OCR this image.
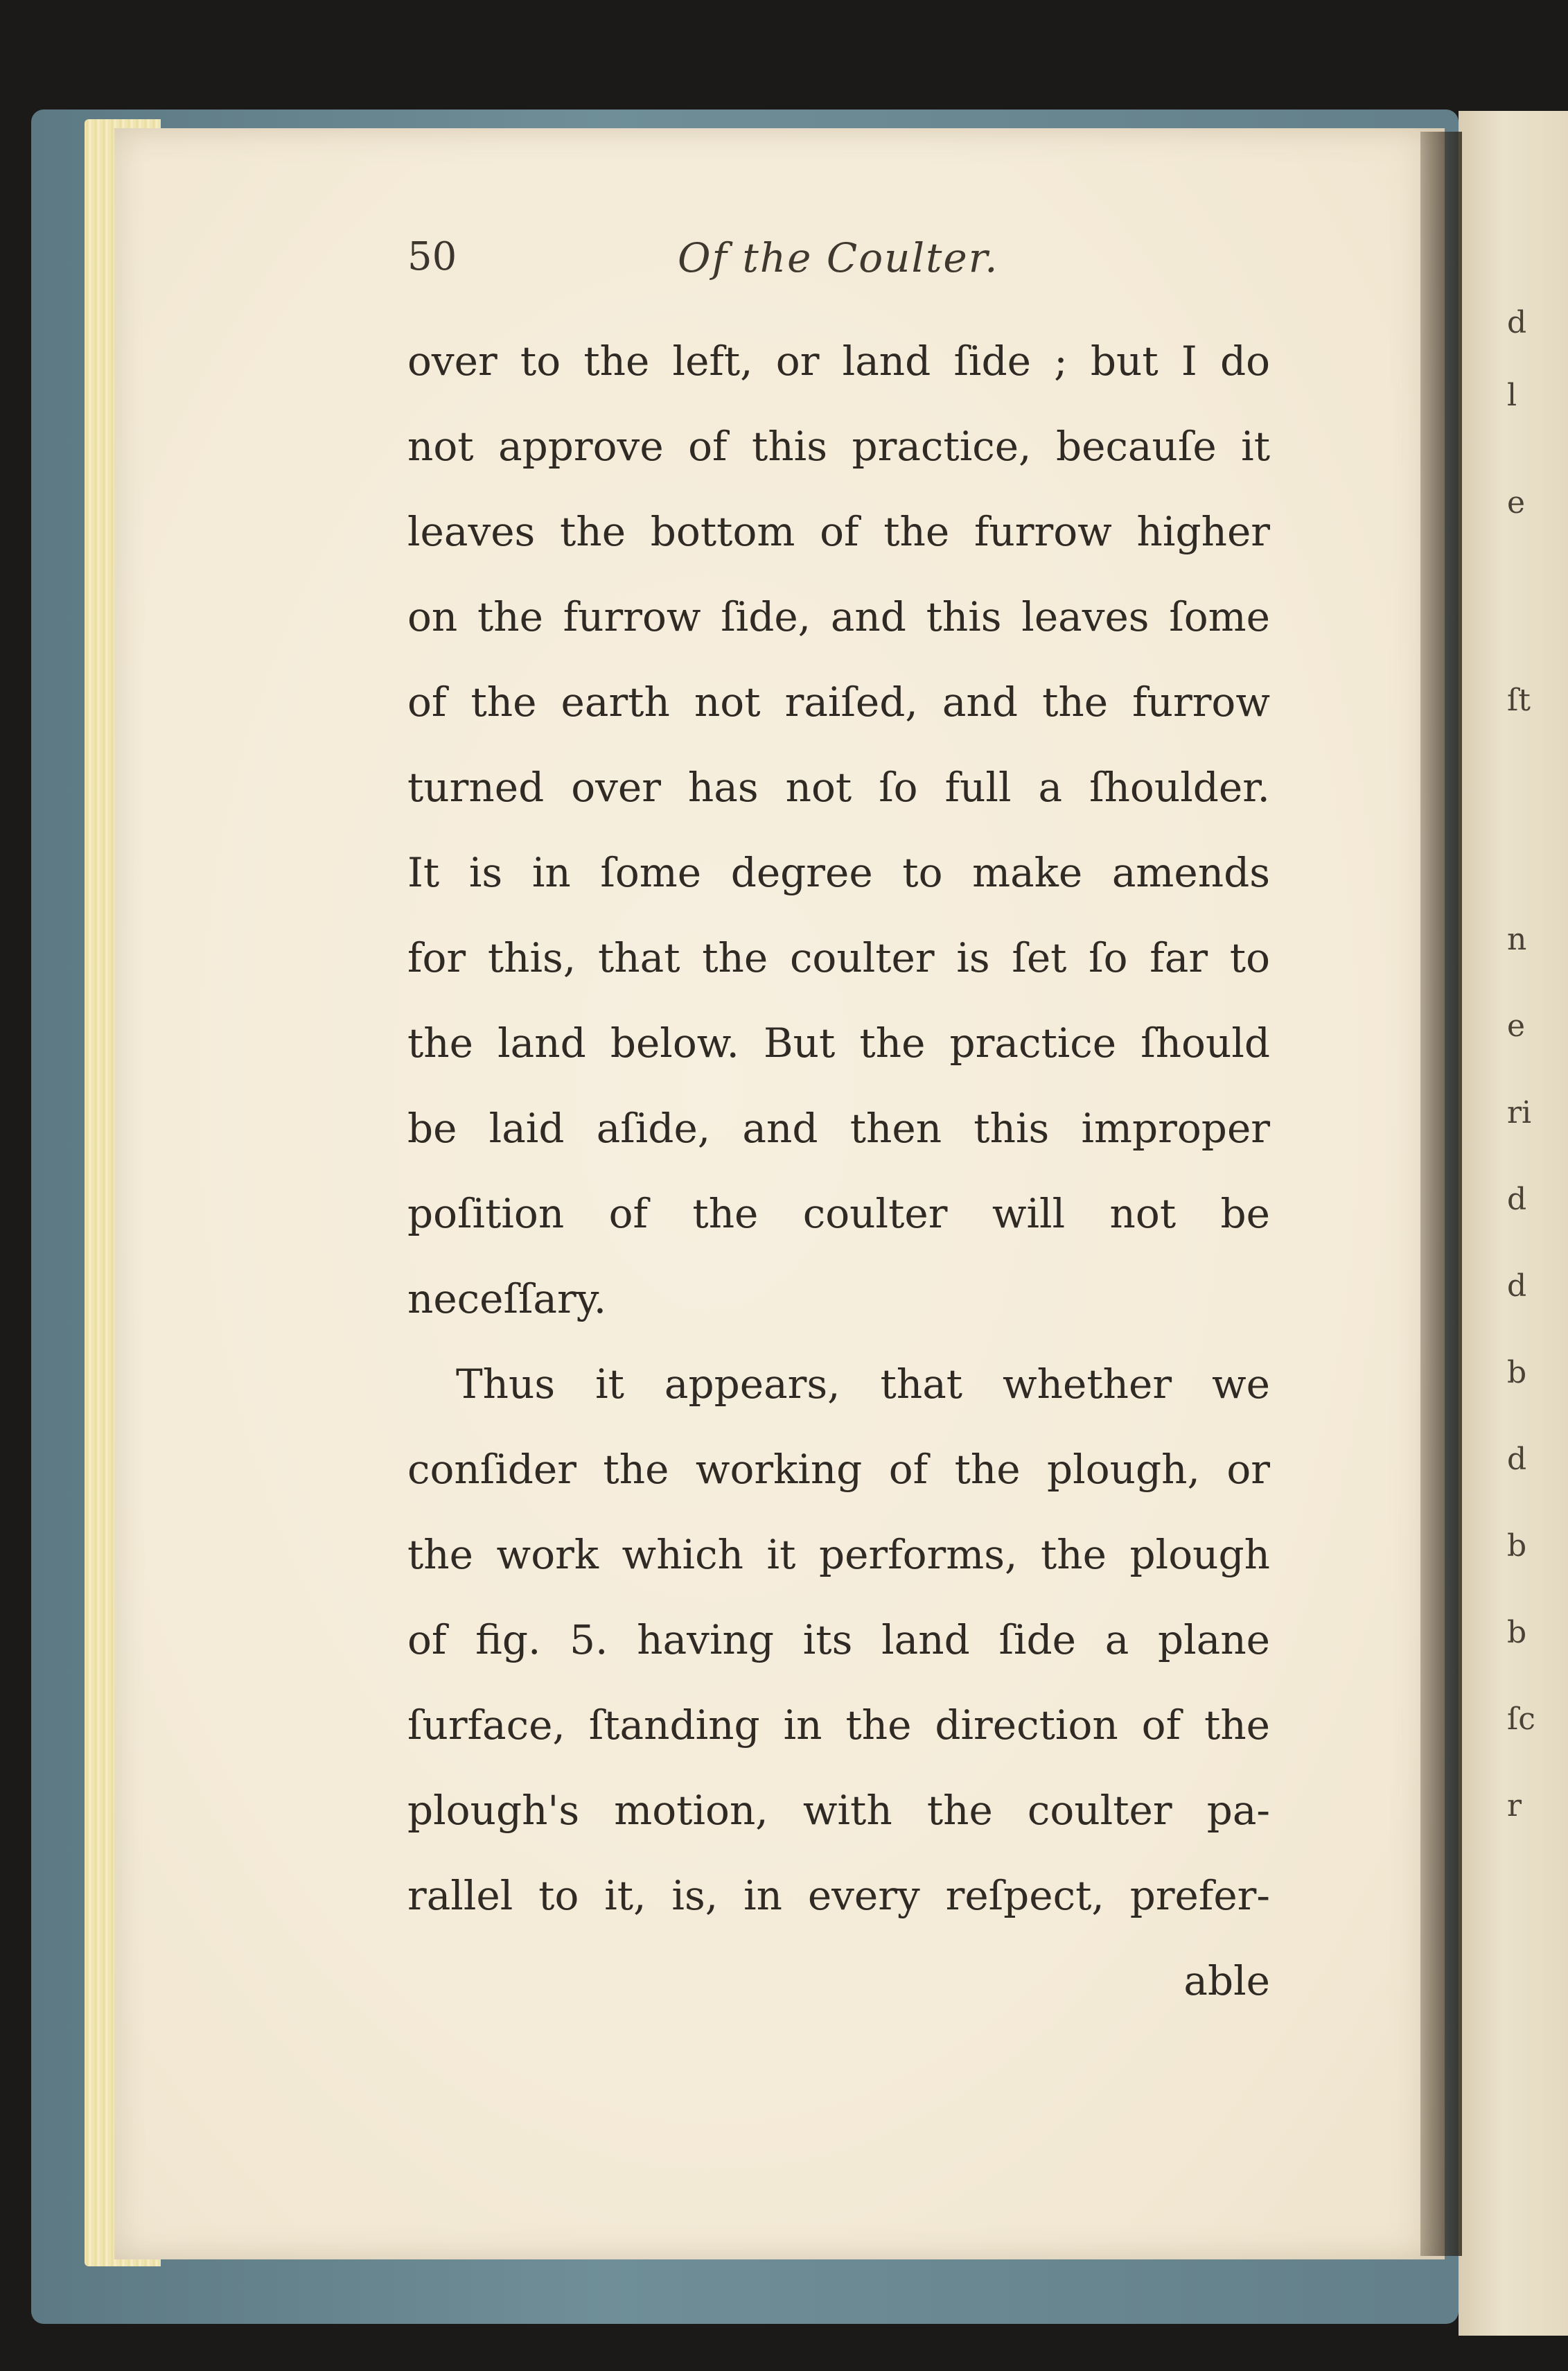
d
l
e
ſt
n
e
ri
d
d
b
d
b
b
ſc
r
50	Of the Coulter.
over to the left, or land ſide ; but I do
not approve of this practice, becauſe it
leaves the bottom of the furrow higher
on the furrow ſide, and this leaves ſome
of the earth not raiſed, and the furrow
turned over has not ſo full a ſhoulder.
It is in ſome degree to make amends
for this, that the coulter is ſet ſo far to
the land below. But the practice ſhould
be laid aſide, and then this improper
poſition of the coulter will not be
neceſſary.
Thus it appears, that whether we
conſider the working of the plough, or
the work which it performs, the plough
of fig. 5. having its land ſide a plane
ſurface, ſtanding in the direction of the
plough's motion, with the coulter pa-
rallel to it, is, in every reſpect, prefer-
able
